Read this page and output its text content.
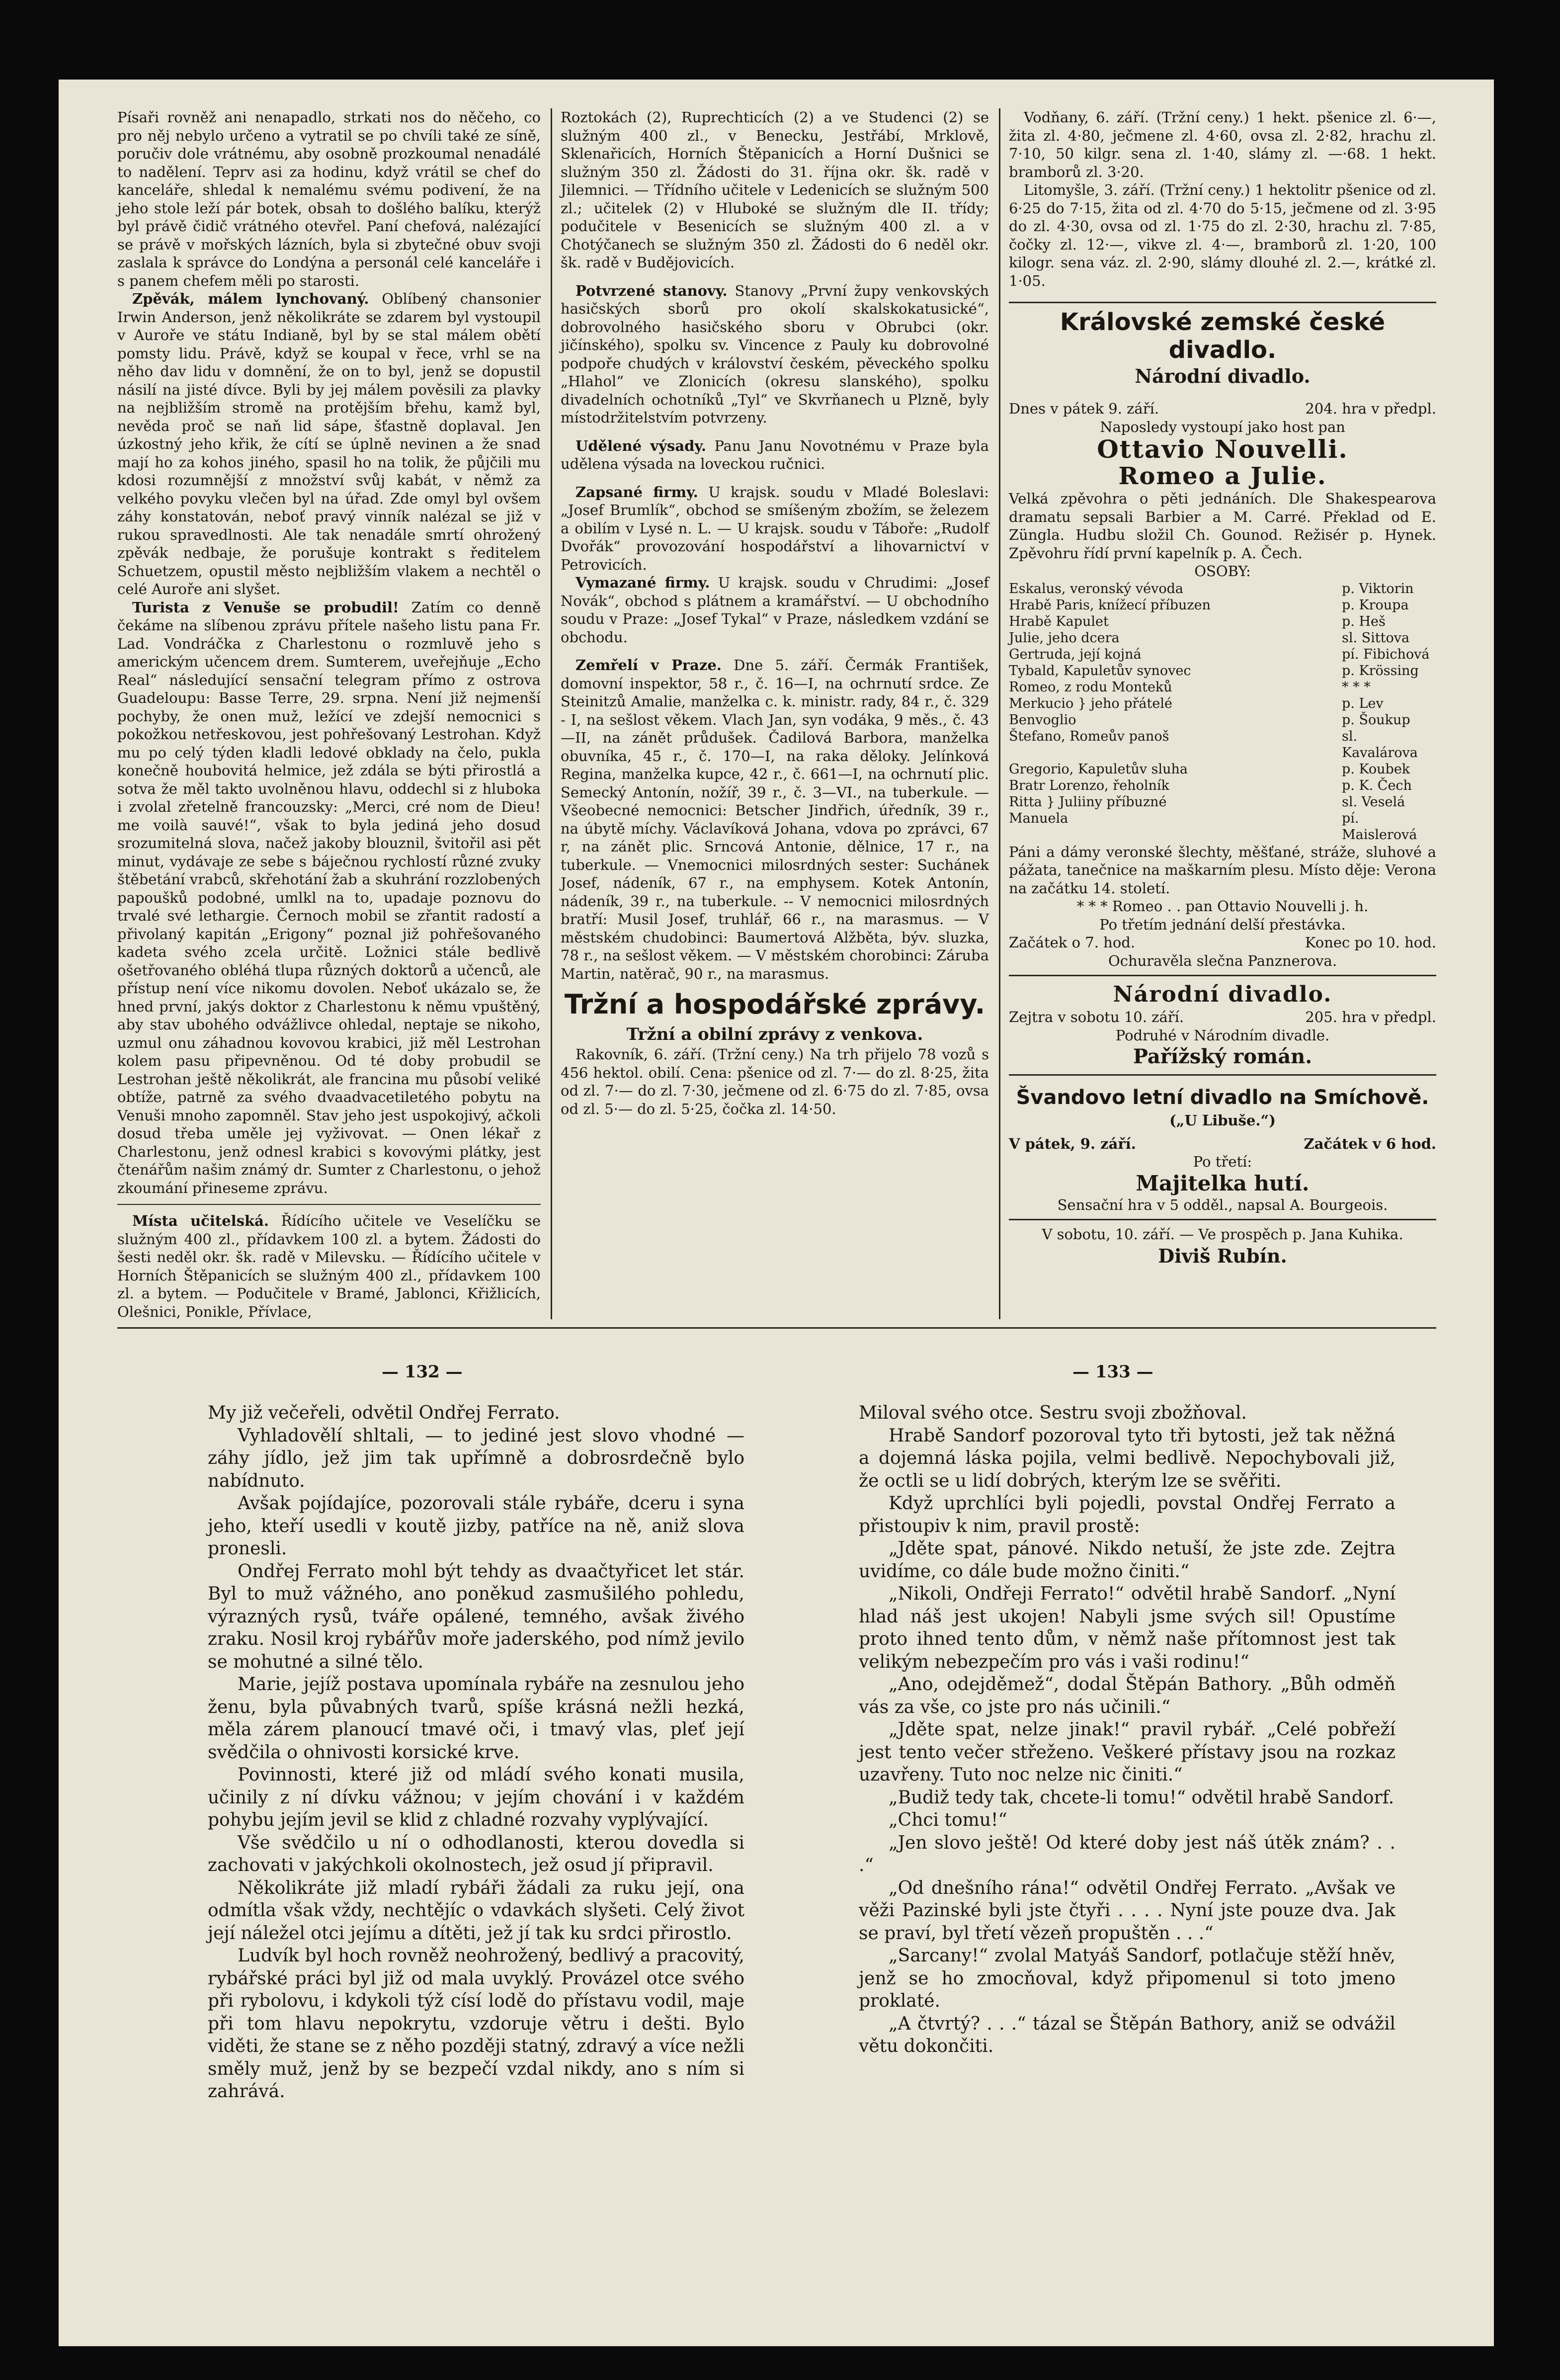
Písaři rovněž ani nenapadlo, strkati nos do něčeho, co pro něj nebylo určeno a vytratil se po chvíli také ze síně, poručiv dole vrátnému, aby osobně prozkoumal nenadálé to nadělení. Teprv asi za hodinu, když vrátil se chef do kanceláře, shledal k nemalému svému podivení, že na jeho stole leží pár botek, obsah to došlého balíku, kterýž byl právě čidič vrátného otevřel. Paní chefová, nalézající se právě v mořských lázních, byla si zbytečné obuv svoji zaslala k správce do Londýna a personál celé kanceláře i s panem chefem měli po starosti.

Zpěvák, málem lynchovaný. Oblíbený chansonier Irwin Anderson, jenž několikráte se zdarem byl vystoupil v Auroře ve státu Indianě, byl by se stal málem obětí pomsty lidu. Právě, když se koupal v řece, vrhl se na něho dav lidu v domnění, že on to byl, jenž se dopustil násilí na jisté dívce. Byli by jej málem pověsili za plavky na nejbližším stromě na protějším břehu, kamž byl, nevěda proč se naň lid sápe, šťastně doplaval. Jen úzkostný jeho křik, že cítí se úplně nevinen a že snad mají ho za kohos jiného, spasil ho na tolik, že půjčili mu kdosi rozumnější z množství svůj kabát, v němž za velkého povyku vlečen byl na úřad. Zde omyl byl ovšem záhy konstatován, neboť pravý vinník nalézal se již v rukou spravedlnosti. Ale tak nenadále smrtí ohrožený zpěvák nedbaje, že porušuje kontrakt s ředitelem Schuetzem, opustil město nejbližším vlakem a nechtěl o celé Auroře ani slyšet.

Turista z Venuše se probudil! Zatím co denně čekáme na slíbenou zprávu přítele našeho listu pana Fr. Lad. Vondráčka z Charlestonu o rozmluvě jeho s americkým učencem drem. Sumterem, uveřejňuje „Echo Real“ následující sensační telegram přímo z ostrova Guadeloupu: Basse Terre, 29. srpna. Není již nejmenší pochyby, že onen muž, ležící ve zdejší nemocnici s pokožkou netřeskovou, jest pohřešovaný Lestrohan. Když mu po celý týden kladli ledové obklady na čelo, pukla konečně houbovitá helmice, jež zdála se býti přirostlá a sotva že měl takto uvolněnou hlavu, oddechl si z hluboka i zvolal zřetelně francouzsky: „Merci, cré nom de Dieu! me voilà sauvé!“, však to byla jediná jeho dosud srozumitelná slova, načež jakoby blouznil, švitořil asi pět minut, vydávaje ze sebe s báječnou rychlostí různé zvuky štěbetání vrabců, skřehotání žab a skuhrání rozzlobených papoušků podobné, umlkl na to, upadaje poznovu do trvalé své lethargie. Černoch mobil se zřantit radostí a přivolaný kapitán „Erigony“ poznal již pohřešovaného kadeta svého zcela určitě. Ložnici stále bedlivě ošetřovaného obléhá tlupa různých doktorů a učenců, ale přístup není více nikomu dovolen. Neboť ukázalo se, že hned první, jakýs doktor z Charlestonu k němu vpuštěný, aby stav ubohého odvážlivce ohledal, neptaje se nikoho, uzmul onu záhadnou kovovou krabici, již měl Lestrohan kolem pasu připevněnou. Od té doby probudil se Lestrohan ještě několikrát, ale francina mu působí veliké obtíže, patrně za svého dvaadvacetiletého pobytu na Venuši mnoho zapomněl. Stav jeho jest uspokojivý, ačkoli dosud třeba uměle jej vyživovat. — Onen lékař z Charlestonu, jenž odnesl krabici s kovovými plátky, jest čtenářům našim známý dr. Sumter z Charlestonu, o jehož zkoumání přineseme zprávu.

Místa učitelská. Řídícího učitele ve Veselíčku se služným 400 zl., přídavkem 100 zl. a bytem. Žádosti do šesti neděl okr. šk. radě v Milevsku. — Řídícího učitele v Horních Štěpanicích se služným 400 zl., přídavkem 100 zl. a bytem. — Podučitele v Bramé, Jablonci, Křižlicích, Olešnici, Ponikle, Přívlace,

Roztokách (2), Ruprechticích (2) a ve Studenci (2) se služným 400 zl., v Benecku, Jestřábí, Mrklově, Sklenařicích, Horních Štěpanicích a Horní Dušnici se služným 350 zl. Žádosti do 31. října okr. šk. radě v Jilemnici. — Třídního učitele v Ledenicích se služným 500 zl.; učitelek (2) v Hluboké se služným dle II. třídy; podučitele v Besenicích se služným 400 zl. a v Chotýčanech se služným 350 zl. Žádosti do 6 neděl okr. šk. radě v Budějovicích.

Potvrzené stanovy. Stanovy „První župy venkovských hasičských sborů pro okolí skalskokatusické“, dobrovolného hasičského sboru v Obrubci (okr. jičínského), spolku sv. Vincence z Pauly ku dobrovolné podpoře chudých v království českém, pěveckého spolku „Hlahol“ ve Zlonicích (okresu slanského), spolku divadelních ochotníků „Tyl“ ve Skvrňanech u Plzně, byly místodržitelstvím potvrzeny.

Udělené výsady. Panu Janu Novotnému v Praze byla udělena výsada na loveckou ručnici.

Zapsané firmy. U krajsk. soudu v Mladé Boleslavi: „Josef Brumlík“, obchod se smíšeným zbožím, se železem a obilím v Lysé n. L. — U krajsk. soudu v Táboře: „Rudolf Dvořák“ provozování hospodářství a lihovarnictví v Petrovicích.

Vymazané firmy. U krajsk. soudu v Chrudimi: „Josef Novák“, obchod s plátnem a kramářství. — U obchodního soudu v Praze: „Josef Tykal“ v Praze, následkem vzdání se obchodu.

Zemřelí v Praze. Dne 5. září. Čermák František, domovní inspektor, 58 r., č. 16—I, na ochrnutí srdce. Ze Steinitzů Amalie, manželka c. k. ministr. rady, 84 r., č. 329 - I, na sešlost věkem. Vlach Jan, syn vodáka, 9 měs., č. 43—II, na zánět průdušek. Čadilová Barbora, manželka obuvníka, 45 r., č. 170—I, na raka děloky. Jelínková Regina, manželka kupce, 42 r., č. 661—I, na ochrnutí plic. Semecký Antonín, nožíř, 39 r., č. 3—VI., na tuberkule. — Všeobecné nemocnici: Betscher Jindřich, úředník, 39 r., na úbytě míchy. Václavíková Johana, vdova po zprávci, 67 r, na zánět plic. Srncová Antonie, dělnice, 17 r., na tuberkule. — Vnemocnici milosrdných sester: Suchánek Josef, nádeník, 67 r., na emphysem. Kotek Antonín, nádeník, 39 r., na tuberkule. -- V nemocnici milosrdných bratří: Musil Josef, truhlář, 66 r., na marasmus. — V městském chudobinci: Baumertová Alžběta, býv. sluzka, 78 r., na sešlost věkem. — V městském chorobinci: Záruba Martin, natěrač, 90 r., na marasmus.

Tržní a hospodářské zprávy.
Tržní a obilní zprávy z venkova.

Rakovník, 6. září. (Tržní ceny.) Na trh přijelo 78 vozů s 456 hektol. obilí. Cena: pšenice od zl. 7·— do zl. 8·25, žita od zl. 7·— do zl. 7·30, ječmene od zl. 6·75 do zl. 7·85, ovsa od zl. 5·— do zl. 5·25, čočka zl. 14·50.

Vodňany, 6. září. (Tržní ceny.) 1 hekt. pšenice zl. 6·—, žita zl. 4·80, ječmene zl. 4·60, ovsa zl. 2·82, hrachu zl. 7·10, 50 kilgr. sena zl. 1·40, slámy zl. —·68. 1 hekt. bramborů zl. 3·20.

Litomyšle, 3. září. (Tržní ceny.) 1 hektolitr pšenice od zl. 6·25 do 7·15, žita od zl. 4·70 do 5·15, ječmene od zl. 3·95 do zl. 4·30, ovsa od zl. 1·75 do zl. 2·30, hrachu zl. 7·85, čočky zl. 12·—, vikve zl. 4·—, bramborů zl. 1·20, 100 kilogr. sena váz. zl. 2·90, slámy dlouhé zl. 2.—, krátké zl. 1·05.

Královské zemské české divadlo.
Národní divadlo.
Dnes v pátek 9. září.	204. hra v předpl.
Naposledy vystoupí jako host pan
Ottavio Nouvelli.
Romeo a Julie.

Velká zpěvohra o pěti jednáních. Dle Shakespearova dramatu sepsali Barbier a M. Carré. Překlad od E. Züngla. Hudbu složil Ch. Gounod. Režisér p. Hynek. Zpěvohru řídí první kapelník p. A. Čech.

OSOBY:
Eskalus, veronský vévoda	p. Viktorin
Hrabě Paris, knížecí příbuzen	p. Kroupa
Hrabě Kapulet	p. Heš
Julie, jeho dcera	sl. Sittova
Gertruda, její kojná	pí. Fibichová
Tybald, Kapuletův synovec	p. Krössing
Romeo, z rodu Monteků	* * *
Merkucio } jeho přátelé	p. Lev
Benvoglio	p. Šoukup
Štefano, Romeův panoš	sl. Kavalárova
Gregorio, Kapuletův sluha	p. Koubek
Bratr Lorenzo, řeholník	p. K. Čech
Ritta } Juliiny příbuzné	sl. Veselá
Manuela	pí. Maislerová

Páni a dámy veronské šlechty, měšťané, stráže, sluhové a pážata, tanečnice na maškarním plesu. Místo děje: Verona na začátku 14. století.

* * * Romeo . . pan Ottavio Nouvelli j. h.
Po třetím jednání delší přestávka.
Začátek o 7. hod.	Konec po 10. hod.
Ochuravěla slečna Panznerova.
Národní divadlo.
Zejtra v sobotu 10. září.	205. hra v předpl.
Podruhé v Národním divadle.
Pařížský román.
Švandovo letní divadlo na Smíchově.
(„U Libuše.“)
V pátek, 9. září.	Začátek v 6 hod.
Po třetí:
Majitelka hutí.
Sensační hra v 5 odděl., napsal A. Bourgeois.
V sobotu, 10. září. — Ve prospěch p. Jana Kuhika.
Diviš Rubín.
— 132 —	— 133 —

My již večeřeli, odvětil Ondřej Ferrato.

Vyhladovělí shltali, — to jediné jest slovo vhodné — záhy jídlo, jež jim tak upřímně a dobrosrdečně bylo nabídnuto.

Avšak pojídajíce, pozorovali stále rybáře, dceru i syna jeho, kteří usedli v koutě jizby, patříce na ně, aniž slova pronesli.

Ondřej Ferrato mohl být tehdy as dvaačtyřicet let stár. Byl to muž vážného, ano poněkud zasmušilého pohledu, výrazných rysů, tváře opálené, temného, avšak živého zraku. Nosil kroj rybářův moře jaderského, pod nímž jevilo se mohutné a silné tělo.

Marie, jejíž postava upomínala rybáře na zesnulou jeho ženu, byla půvabných tvarů, spíše krásná nežli hezká, měla zárem planoucí tmavé oči, i tmavý vlas, pleť její svědčila o ohnivosti korsické krve.

Povinnosti, které již od mládí svého konati musila, učinily z ní dívku vážnou; v jejím chování i v každém pohybu jejím jevil se klid z chladné rozvahy vyplývající.

Vše svědčilo u ní o odhodlanosti, kterou dovedla si zachovati v jakýchkoli okolnostech, jež osud jí připravil.

Několikráte již mladí rybáři žádali za ruku její, ona odmítla však vždy, nechtějíc o vdavkách slyšeti. Celý život její náležel otci jejímu a dítěti, jež jí tak ku srdci přirostlo.

Ludvík byl hoch rovněž neohrožený, bedlivý a pracovitý, rybářské práci byl již od mala uvyklý. Provázel otce svého při rybolovu, i kdykoli týž císí lodě do přístavu vodil, maje při tom hlavu nepokrytu, vzdoruje větru i dešti. Bylo viděti, že stane se z něho později statný, zdravý a více nežli směly muž, jenž by se bezpečí vzdal nikdy, ano s ním si zahrává.

Miloval svého otce. Sestru svoji zbožňoval.

Hrabě Sandorf pozoroval tyto tři bytosti, jež tak něžná a dojemná láska pojila, velmi bedlivě. Nepochybovali již, že octli se u lidí dobrých, kterým lze se svěřiti.

Když uprchlíci byli pojedli, povstal Ondřej Ferrato a přistoupiv k nim, pravil prostě:

„Jděte spat, pánové. Nikdo netuší, že jste zde. Zejtra uvidíme, co dále bude možno činiti.“

„Nikoli, Ondřeji Ferrato!“ odvětil hrabě Sandorf. „Nyní hlad náš jest ukojen! Nabyli jsme svých sil! Opustíme proto ihned tento dům, v němž naše přítomnost jest tak velikým nebezpečím pro vás i vaši rodinu!“

„Ano, odejděmež“, dodal Štěpán Bathory. „Bůh odměň vás za vše, co jste pro nás učinili.“

„Jděte spat, nelze jinak!“ pravil rybář. „Celé pobřeží jest tento večer střeženo. Veškeré přístavy jsou na rozkaz uzavřeny. Tuto noc nelze nic činiti.“

„Budiž tedy tak, chcete-li tomu!“ odvětil hrabě Sandorf.

„Chci tomu!“

„Jen slovo ještě! Od které doby jest náš útěk znám? . . .“

„Od dnešního rána!“ odvětil Ondřej Ferrato. „Avšak ve věži Pazinské byli jste čtyři . . . . Nyní jste pouze dva. Jak se praví, byl třetí vězeň propuštěn . . .“

„Sarcany!“ zvolal Matyáš Sandorf, potlačuje stěží hněv, jenž se ho zmocňoval, když připomenul si toto jmeno proklaté.

„A čtvrtý? . . .“ tázal se Štěpán Bathory, aniž se odvážil větu dokončiti.
